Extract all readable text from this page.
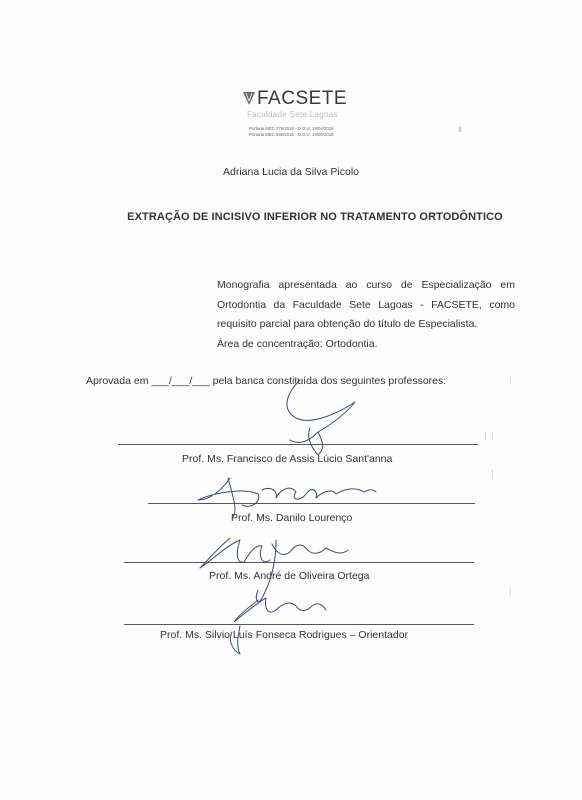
FACSETE
Faculdade Sete Lagoas
Portaria MEC 278/2016 - D.O.U. 19/04/2016
Portaria MEC 946/2016 - D.O.U. 19/08/2016
Adriana Lucia da Silva Picolo
EXTRAÇÃO DE INCISIVO INFERIOR NO TRATAMENTO ORTODÔNTICO
Monografia apresentada ao curso de Especialização em
Ortodontia da Faculdade Sete Lagoas - FACSETE, como
requisito parcial para obtenção do título de Especialista.
Área de concentração: Ortodontia.
Aprovada em ___/___/___ pela banca constituída dos seguintes professores:
Prof. Ms. Francisco de Assis Lúcio Sant'anna
Prof. Ms. Danilo Lourenço
Prof. Ms. André de Oliveira Ortega
Prof. Ms. Silvio Luís Fonseca Rodrigues – Orientador
▮
▏
▏ ▏
▏
▏
·
